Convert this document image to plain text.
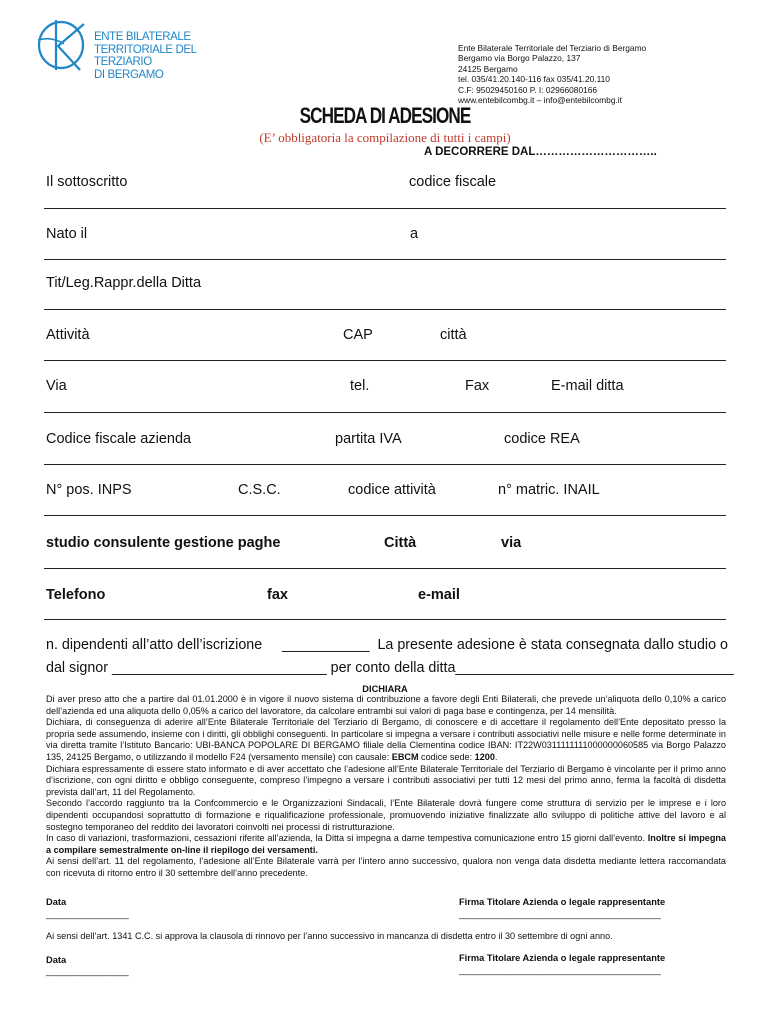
ENTE BILATERALE
TERRITORIALE DEL TERZIARIO
DI BERGAMO
Ente Bilaterale Territoriale del Terziario di Bergamo
Bergamo via Borgo Palazzo, 137
24125 Bergamo
tel. 035/41.20.140-116 fax 035/41.20.110
C.F: 95029450160 P. I: 02966080166
www.entebilcombg.it – info@entebilcombg.it
SCHEDA DI ADESIONE
(E’ obbligatoria la compilazione di tutti i campi)
A DECORRERE DAL…………………………..
Il sottoscritto	codice fiscale
Nato il	a
Tit/Leg.Rappr.della Ditta
Attività	CAP	città
Via	tel.	Fax	E-mail ditta
Codice fiscale azienda	partita IVA	codice REA
N° pos. INPS	C.S.C.	codice attività	n° matric. INAIL
studio consulente gestione paghe	Città	via
Telefono	fax	e-mail
n. dipendenti all’atto dell’iscrizione     ___________  La presente adesione è stata consegnata dallo studio o
dal signor ___________________________ per conto della ditta___________________________________
DICHIARA
Di aver preso atto che a partire dal 01.01.2000 è in vigore il nuovo sistema di contribuzione a favore degli Enti Bilaterali, che prevede un’aliquota dello 0,10% a carico dell’azienda ed una aliquota dello 0,05% a carico del lavoratore, da calcolare entrambi sui valori di paga base e contingenza, per 14 mensilità.
Dichiara, di conseguenza di aderire all’Ente Bilaterale Territoriale del Terziario di Bergamo, di conoscere e di accettare il regolamento dell’Ente depositato presso la propria sede assumendo, insieme con i diritti, gli obblighi conseguenti. In particolare si impegna a versare i contributi associativi nelle misure e nelle forme determinate in via diretta tramite l’Istituto Bancario: UBI-BANCA POPOLARE DI BERGAMO filiale della Clementina codice IBAN: IT22W0311111111000000060585 via Borgo Palazzo 135, 24125 Bergamo, o utilizzando il modello F24 (versamento mensile) con causale: EBCM codice sede: 1200.
Dichiara espressamente di essere stato informato e di aver accettato che l’adesione all’Ente Bilaterale Territoriale del Terziario di Bergamo è vincolante per il primo anno d’iscrizione, con ogni diritto e obbligo conseguente, compreso l’impegno a versare i contributi associativi per tutti 12 mesi del primo anno, ferma la facoltà di disdetta prevista dall’art, 11 del Regolamento.
Secondo l’accordo raggiunto tra la Confcommercio e le Organizzazioni Sindacali, l’Ente Bilaterale dovrà fungere come struttura di servizio per le imprese e i loro dipendenti occupandosi soprattutto di formazione e riqualificazione professionale, promuovendo iniziative finalizzate allo sviluppo di politiche attive del lavoro e al sostegno temporaneo del reddito dei lavoratori coinvolti nei processi di ristrutturazione.
In caso di variazioni, trasformazioni, cessazioni riferite all’azienda, la Ditta si impegna a darne tempestiva comunicazione entro 15 giorni dall’evento. Inoltre si impegna a compilare semestralmente on-line il riepilogo dei versamenti.
Ai sensi dell’art. 11 del regolamento, l’adesione all’Ente Bilaterale varrà per l’intero anno successivo, qualora non venga data disdetta mediante lettera raccomandata con ricevuta di ritorno entro il 30 settembre dell’anno precedente.
Data
________________
Firma Titolare Azienda o legale rappresentante
_______________________________________
Ai sensi dell’art. 1341 C.C. si approva la clausola di rinnovo per l’anno successivo in mancanza di disdetta entro il 30 settembre di ogni anno.
Data
________________
Firma Titolare Azienda o legale rappresentante
_______________________________________
